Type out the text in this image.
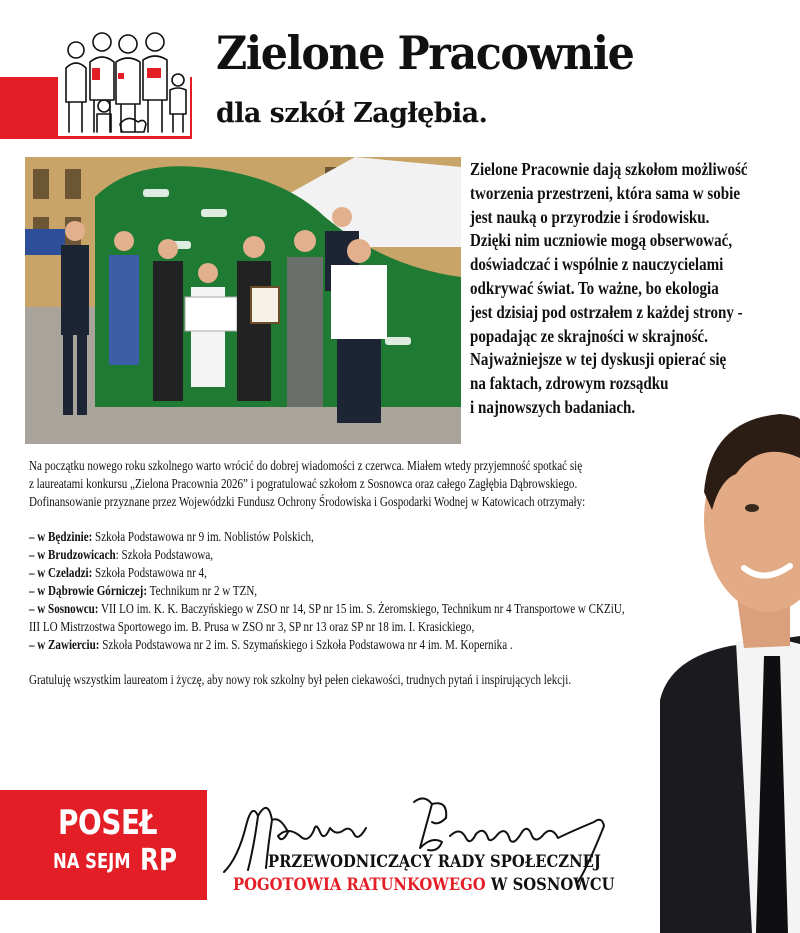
Zielone Pracownie
dla szkół Zagłębia.
Zielone Pracownie dają szkołom możliwość
tworzenia przestrzeni, która sama w sobie
jest nauką o przyrodzie i środowisku.
Dzięki nim uczniowie mogą obserwować,
doświadczać i wspólnie z nauczycielami
odkrywać świat. To ważne, bo ekologia
jest dzisiaj pod ostrzałem z każdej strony -
popadając ze skrajności w skrajność.
Najważniejsze w tej dyskusji opierać się
na faktach, zdrowym rozsądku
i najnowszych badaniach.
Na początku nowego roku szkolnego warto wrócić do dobrej wiadomości z czerwca. Miałem wtedy przyjemność spotkać się
z laureatami konkursu „Zielona Pracownia 2026” i pogratulować szkołom z Sosnowca oraz całego Zagłębia Dąbrowskiego.
Dofinansowanie przyznane przez Wojewódzki Fundusz Ochrony Środowiska i Gospodarki Wodnej w Katowicach otrzymały:
– w Będzinie: Szkoła Podstawowa nr 9 im. Noblistów Polskich,
– w Brudzowicach: Szkoła Podstawowa,
– w Czeladzi: Szkoła Podstawowa nr 4,
– w Dąbrowie Górniczej: Technikum nr 2 w TZN,
– w Sosnowcu: VII LO im. K. K. Baczyńskiego w ZSO nr 14, SP nr 15 im. S. Żeromskiego, Technikum nr 4 Transportowe w CKZiU,
III LO Mistrzostwa Sportowego im. B. Prusa w ZSO nr 3, SP nr 13 oraz SP nr 18 im. I. Krasickiego,
– w Zawierciu: Szkoła Podstawowa nr 2 im. S. Szymańskiego i Szkoła Podstawowa nr 4 im. M. Kopernika .
Gratuluję wszystkim laureatom i życzę, aby nowy rok szkolny był pełen ciekawości, trudnych pytań i inspirujących lekcji.
POSEŁ
NA SEJM RP	PRZEWODNICZĄCY RADY SPOŁECZNEJ
POGOTOWIA RATUNKOWEGO W SOSNOWCU
